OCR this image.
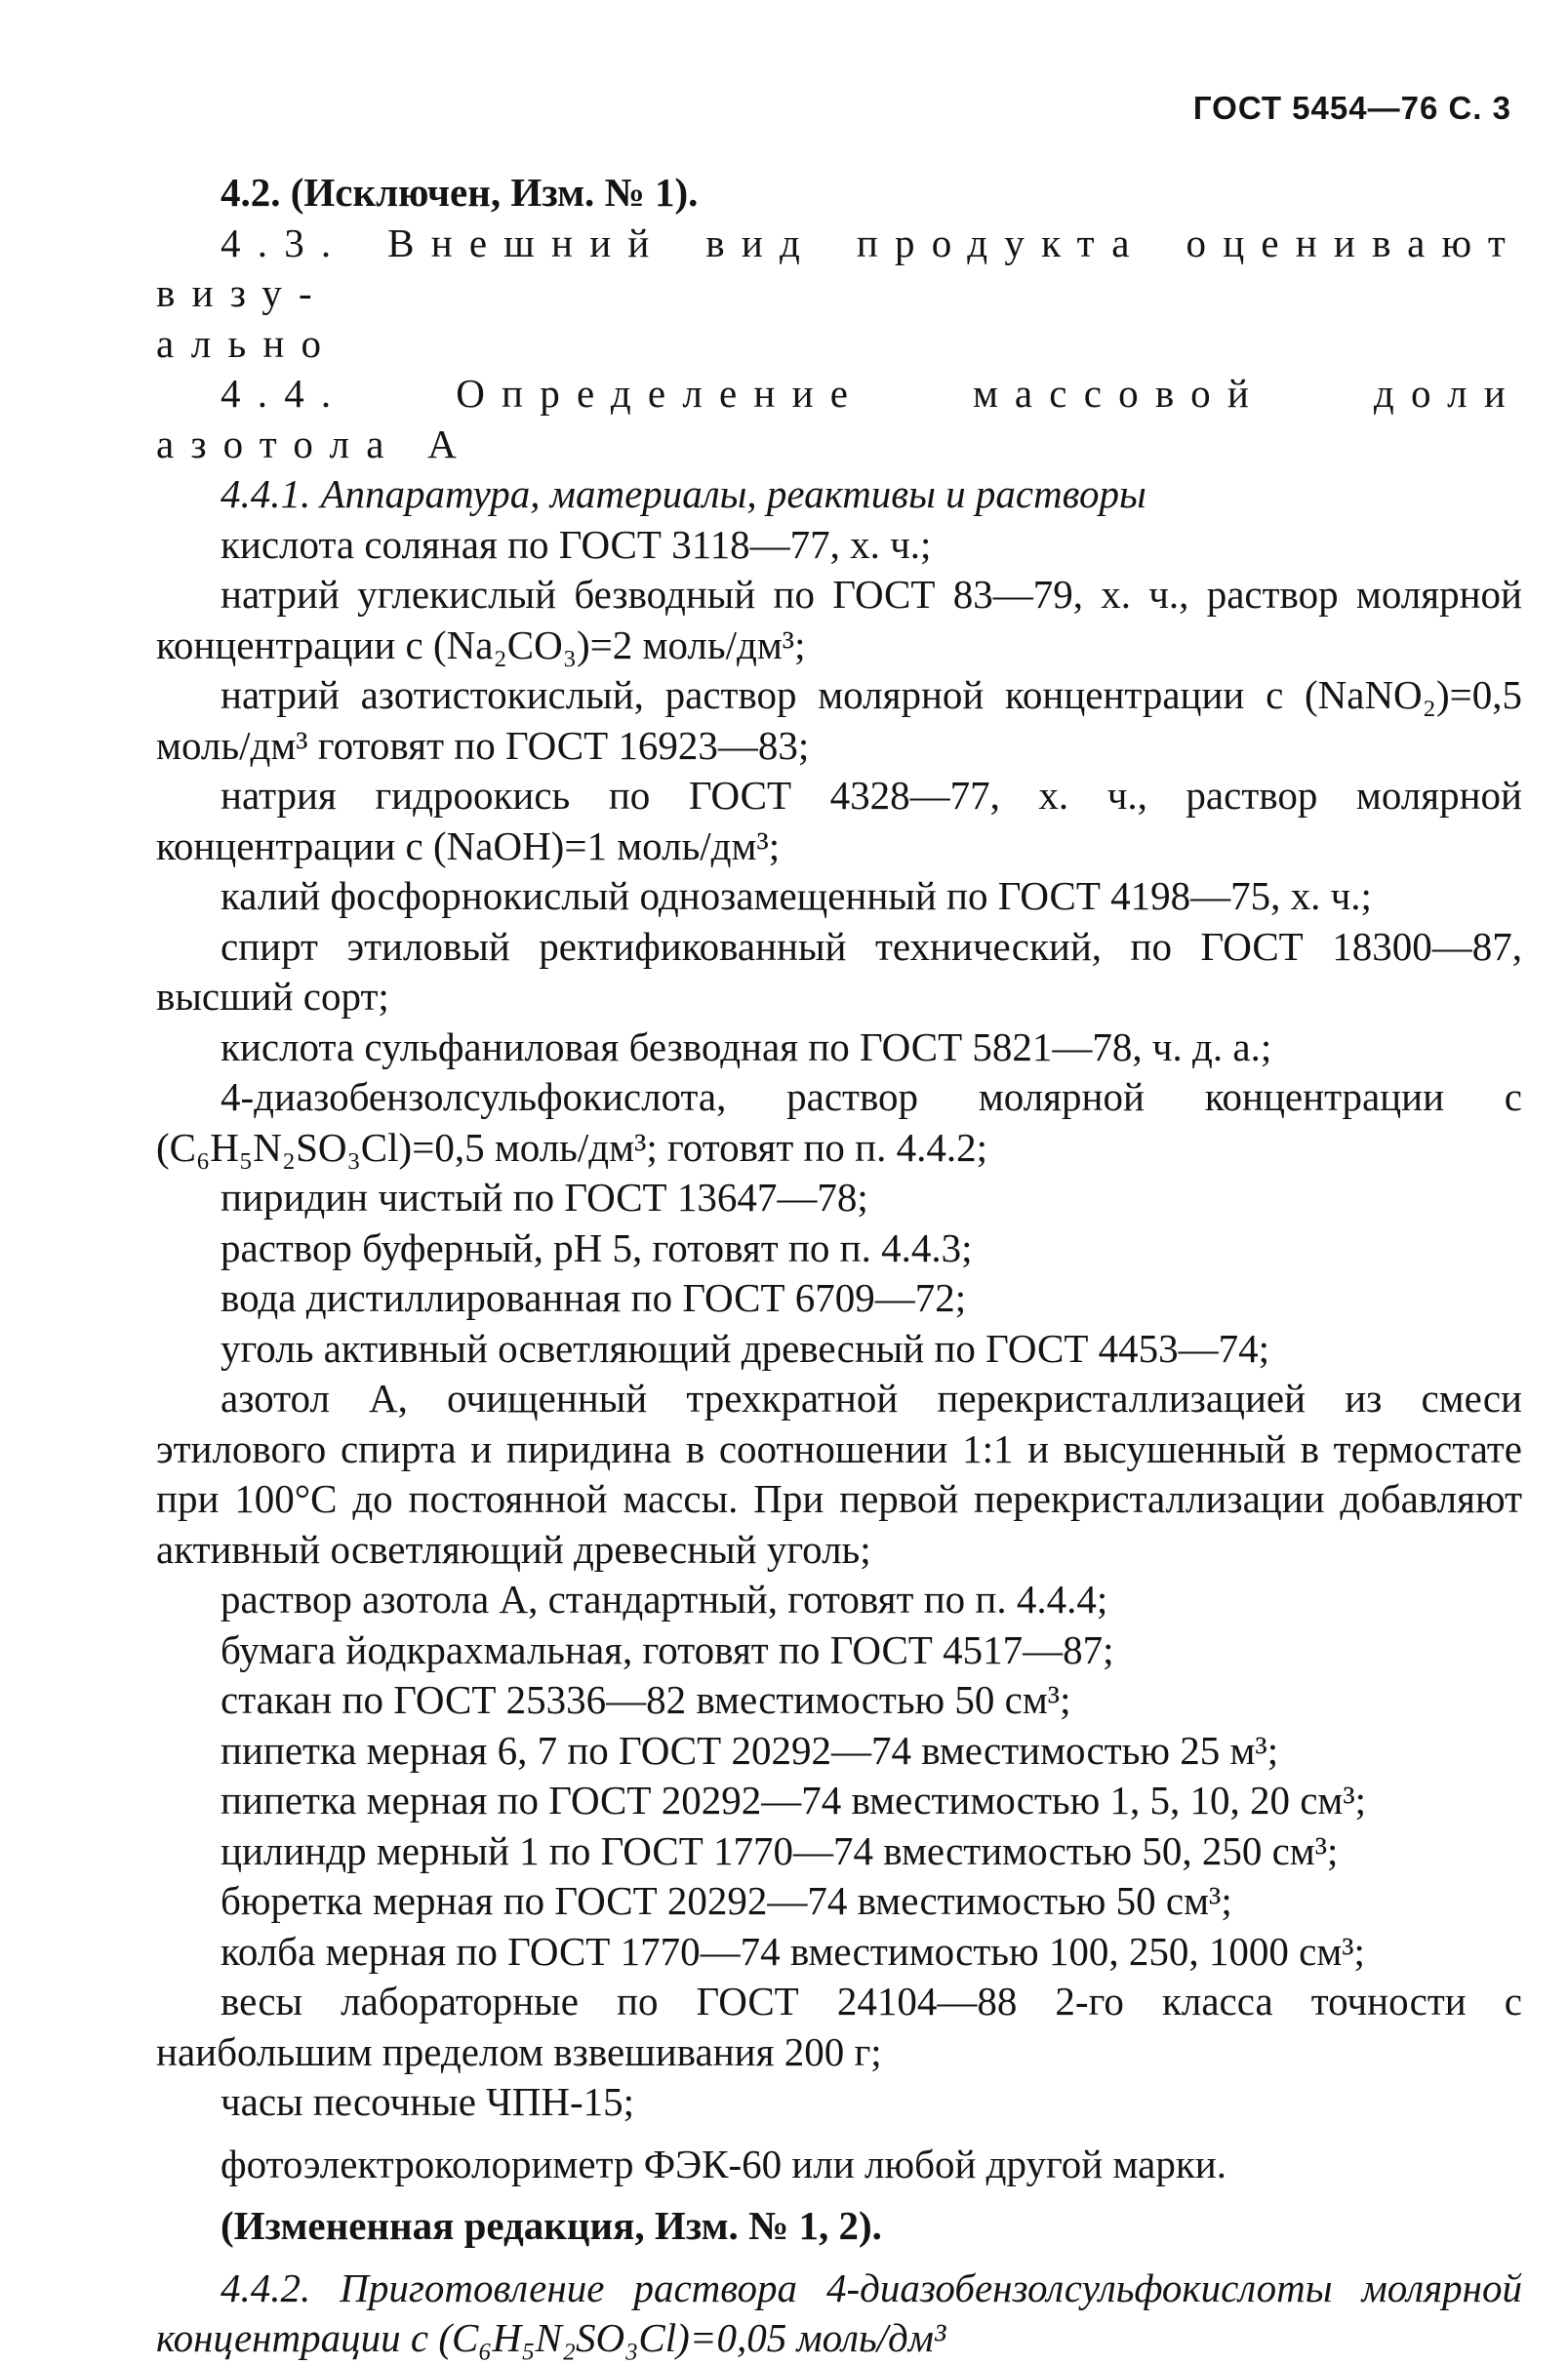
ГОСТ 5454—76 С. 3

4.2. (Исключен, Изм. № 1).

4.3. Внешний вид продукта оценивают визу-

ально

4.4. Определение массовой доли азотола А

4.4.1. Аппаратура, материалы, реактивы и растворы

кислота соляная по ГОСТ 3118—77, х. ч.;

натрий углекислый безводный по ГОСТ 83—79, х. ч., раствор молярной концентрации с (Na₂CO₃)=2 моль/дм³;

натрий азотистокислый, раствор молярной концентрации с (NaNO₂)=0,5 моль/дм³ готовят по ГОСТ 16923—83;

натрия гидроокись по ГОСТ 4328—77, х. ч., раствор молярной концентрации с (NaOH)=1 моль/дм³;

калий фосфорнокислый однозамещенный по ГОСТ 4198—75, х. ч.;

спирт этиловый ректификованный технический, по ГОСТ 18300—87, высший сорт;

кислота сульфаниловая безводная по ГОСТ 5821—78, ч. д. а.;

4-диазобензолсульфокислота, раствор молярной концентрации с (C₆H₅N₂SO₃Cl)=0,5 моль/дм³; готовят по п. 4.4.2;

пиридин чистый по ГОСТ 13647—78;

раствор буферный, pH 5, готовят по п. 4.4.3;

вода дистиллированная по ГОСТ 6709—72;

уголь активный осветляющий древесный по ГОСТ 4453—74;

азотол А, очищенный трехкратной перекристаллизацией из смеси этилового спирта и пиридина в соотношении 1:1 и высушенный в термостате при 100°С до постоянной массы. При первой перекристаллизации добавляют активный осветляющий древесный уголь;

раствор азотола А, стандартный, готовят по п. 4.4.4;

бумага йодкрахмальная, готовят по ГОСТ 4517—87;

стакан по ГОСТ 25336—82 вместимостью 50 см³;

пипетка мерная 6, 7 по ГОСТ 20292—74 вместимостью 25 м³;

пипетка мерная по ГОСТ 20292—74 вместимостью 1, 5, 10, 20 см³;

цилиндр мерный 1 по ГОСТ 1770—74 вместимостью 50, 250 см³;

бюретка мерная по ГОСТ 20292—74 вместимостью 50 см³;

колба мерная по ГОСТ 1770—74 вместимостью 100, 250, 1000 см³;

весы лабораторные по ГОСТ 24104—88 2-го класса точности с наибольшим пределом взвешивания 200 г;

часы песочные ЧПН-15;

фотоэлектроколориметр ФЭК-60 или любой другой марки.

(Измененная редакция, Изм. № 1, 2).

4.4.2. Приготовление раствора 4-диазобензолсульфокислоты молярной концентрации с (C₆H₅N₂SO₃Cl)=0,05 моль/дм³
